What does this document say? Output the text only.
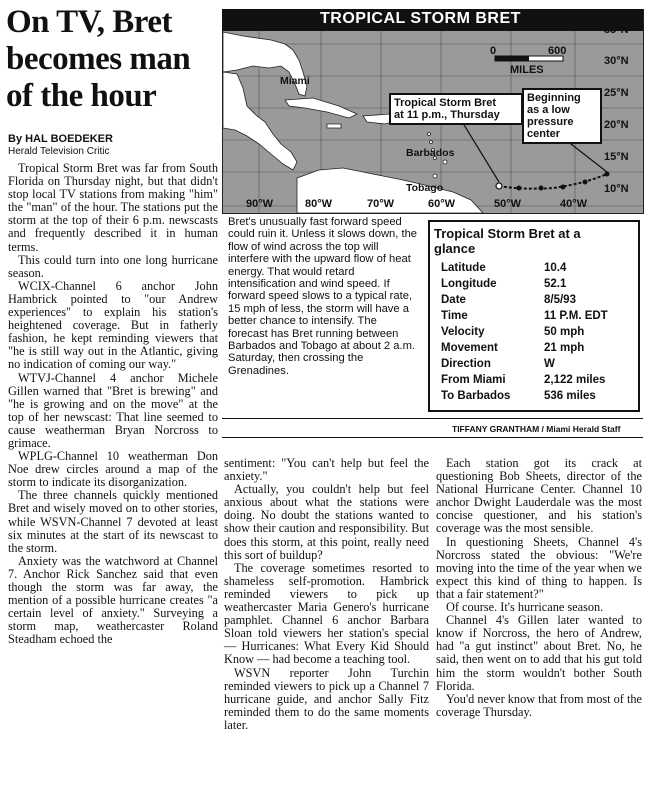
On TV, Bret
becomes man
of the hour
By HAL BOEDEKER
Herald Television Critic

Tropical Storm Bret was far from South Florida on Thursday night, but that didn't stop local TV stations from making "him" the "man" of the hour. The stations put the storm at the top of their 6 p.m. newscasts and frequently described it in human terms.

This could turn into one long hurricane season.

WCIX-Channel 6 anchor John Hambrick pointed to "our Andrew experiences" to explain his station's heightened coverage. But in fatherly fashion, he kept reminding viewers that "he is still way out in the Atlantic, giving no indication of coming our way."

WTVJ-Channel 4 anchor Michele Gillen warned that "Bret is brewing" and "he is growing and on the move" at the top of her newscast: That line seemed to cause weatherman Bryan Norcross to grimace.

WPLG-Channel 10 weatherman Don Noe drew circles around a map of the storm to indicate its disorganization.

The three channels quickly mentioned Bret and wisely moved on to other stories, while WSVN-Channel 7 devoted at least six minutes at the start of its newscast to the storm.

Anxiety was the watchword at Channel 7. Anchor Rick Sanchez said that even though the storm was far away, the mention of a possible hurricane creates "a certain level of anxiety." Surveying a storm map, weathercaster Roland Steadham echoed the

TROPICAL STORM BRET
0	600
MILES
35°N
30°N
25°N
20°N
15°N
10°N
90°W	80°W	70°W	60°W	50°W	40°W
Miami
Barbados
Tobago
Tropical Storm Bret
at 11 p.m., Thursday
Beginning
as a low
pressure
center
Bret's unusually fast forward speed could ruin it. Unless it slows down, the flow of wind across the top will interfere with the upward flow of heat energy. That would retard intensification and wind speed. If forward speed slows to a typical rate, 15 mph of less, the storm will have a better chance to intensify. The forecast has Bret running between Barbados and Tobago at about 2 a.m. Saturday, then crossing the Grenadines.
Tropical Storm Bret at a glance
Latitude	10.4
Longitude	52.1
Date	8/5/93
Time	11 P.M. EDT
Velocity	50 mph
Movement	21 mph
Direction	W
From Miami	2,122 miles
To Barbados	536 miles
TIFFANY GRANTHAM / Miami Herald Staff

sentiment: "You can't help but feel the anxiety."

Actually, you couldn't help but feel anxious about what the stations were doing. No doubt the stations wanted to show their caution and responsibility. But does this storm, at this point, really need this sort of buildup?

The coverage sometimes resorted to shameless self-promotion. Hambrick reminded viewers to pick up weathercaster Maria Genero's hurricane pamphlet. Channel 6 anchor Barbara Sloan told viewers her station's special — Hurricanes: What Every Kid Should Know — had become a teaching tool.

WSVN reporter John Turchin reminded viewers to pick up a Channel 7 hurricane guide, and anchor Sally Fitz reminded them to do the same moments later.

Each station got its crack at questioning Bob Sheets, director of the National Hurricane Center. Channel 10 anchor Dwight Lauderdale was the most concise questioner, and his station's coverage was the most sensible.

In questioning Sheets, Channel 4's Norcross stated the obvious: "We're moving into the time of the year when we expect this kind of thing to happen. Is that a fair statement?"

Of course. It's hurricane season.

Channel 4's Gillen later wanted to know if Norcross, the hero of Andrew, had "a gut instinct" about Bret. No, he said, then went on to add that his gut told him the storm wouldn't bother South Florida.

You'd never know that from most of the coverage Thursday.
